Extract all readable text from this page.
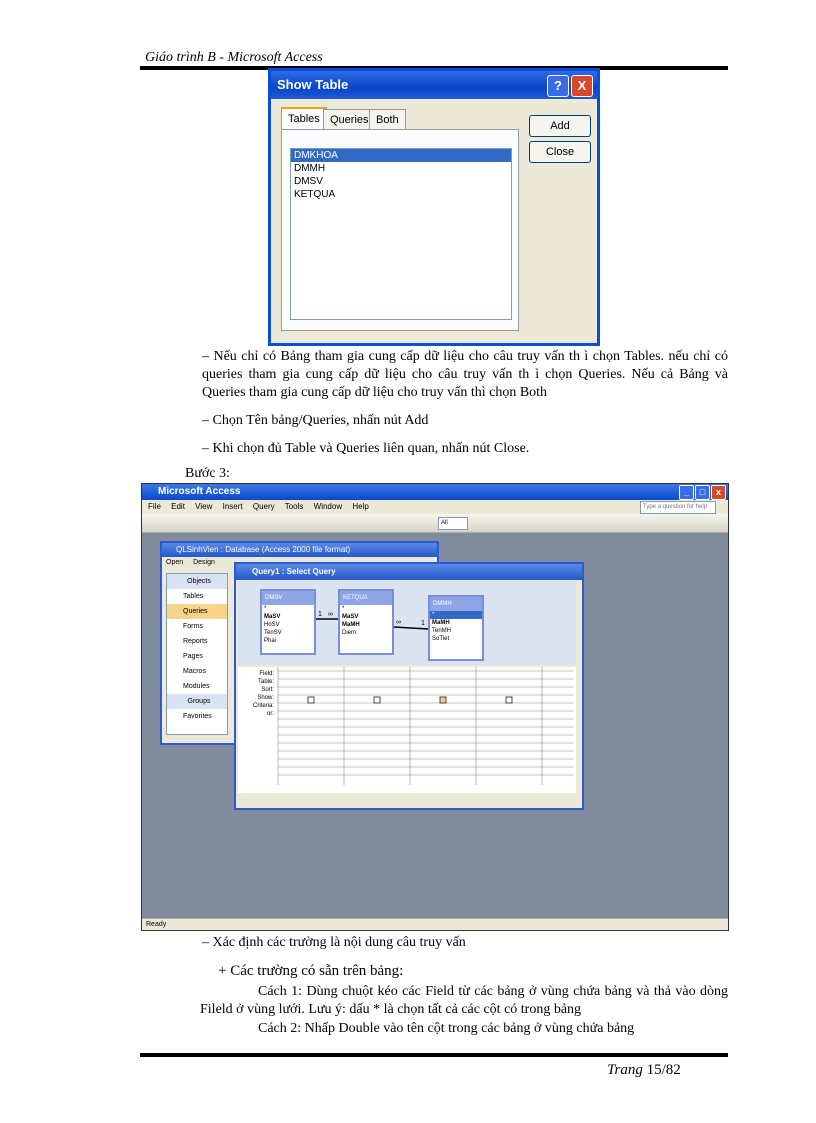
Giáo trình B - Microsoft Access
Show Table	?	X
Tables Queries Both
DMKHOA
DMMH
DMSV
KETQUA
Add
Close
– Nếu chỉ có Bảng tham gia cung cấp dữ liệu cho câu truy vấn th ì chọn Tables. nếu chỉ có queries tham gia cung cấp dữ liệu cho câu truy vấn th ì chọn Queries. Nếu cả Bảng và Queries tham gia cung cấp dữ liệu cho truy vấn thì chọn Both
– Chọn Tên bảng/Queries, nhấn nút Add
– Khi chọn đủ Table và Queries liên quan, nhấn nút Close.
Bước 3:
Microsoft Access	_	□	x
File Edit View Insert Query Tools Window Help	Type a question for help
All
QLSinhVien : Database (Access 2000 file format)
Open Design
Objects
Tables
Queries
Forms
Reports
Pages
Macros
Modules
Groups
Favorites
Query1 : Select Query
DMSV
*
MaSV
HoSV
TenSV
Phai
KETQUA
*
MaSV
MaMH
Diem
DMMH
*
MaMH
TenMH
SoTiet
1 ∞
∞	1
Field:
Table:
Sort:
Show:
Criteria:
or:
Ready
– Xác định các trường là nội dung câu truy vấn
+ Các trường có sẵn trên bảng:
Cách 1: Dùng chuột kéo các Field từ các bảng ở vùng chứa bảng và thả vào dòng Fileld ở vùng lưới. Lưu ý: dấu * là chọn tất cả các cột có trong bảng
Cách 2: Nhấp Double vào tên cột trong các bảng ở vùng chứa bảng
Trang 15/82
